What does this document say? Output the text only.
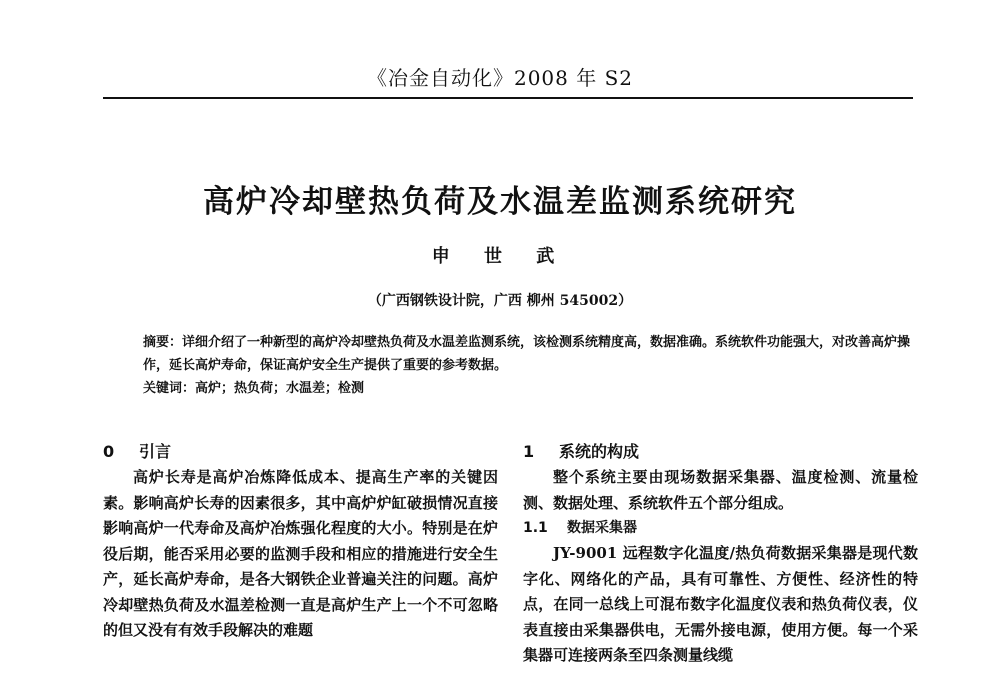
《冶金自动化》2008 年 S2
高炉冷却壁热负荷及水温差监测系统研究
申 世 武
（广西钢铁设计院，广西 柳州 545002）

摘要：详细介绍了一种新型的高炉冷却壁热负荷及水温差监测系统，该检测系统精度高，数据准确。系统软件功能强大，对改善高炉操作，延长高炉寿命，保证高炉安全生产提供了重要的参考数据。

关键词：高炉；热负荷；水温差；检测

0 引言

高炉长寿是高炉冶炼降低成本、提高生产率的关键因素。影响高炉长寿的因素很多，其中高炉炉缸破损情况直接影响高炉一代寿命及高炉冶炼强化程度的大小。特别是在炉役后期，能否采用必要的监测手段和相应的措施进行安全生产，延长高炉寿命，是各大钢铁企业普遍关注的问题。高炉冷却壁热负荷及水温差检测一直是高炉生产上一个不可忽略的但又没有有效手段解决的难题

1 系统的构成

整个系统主要由现场数据采集器、温度检测、流量检测、数据处理、系统软件五个部分组成。

1.1 数据采集器

JY-9001 远程数字化温度/热负荷数据采集器是现代数字化、网络化的产品，具有可靠性、方便性、经济性的特点，在同一总线上可混布数字化温度仪表和热负荷仪表，仪表直接由采集器供电，无需外接电源，使用方便。每一个采集器可连接两条至四条测量线缆
